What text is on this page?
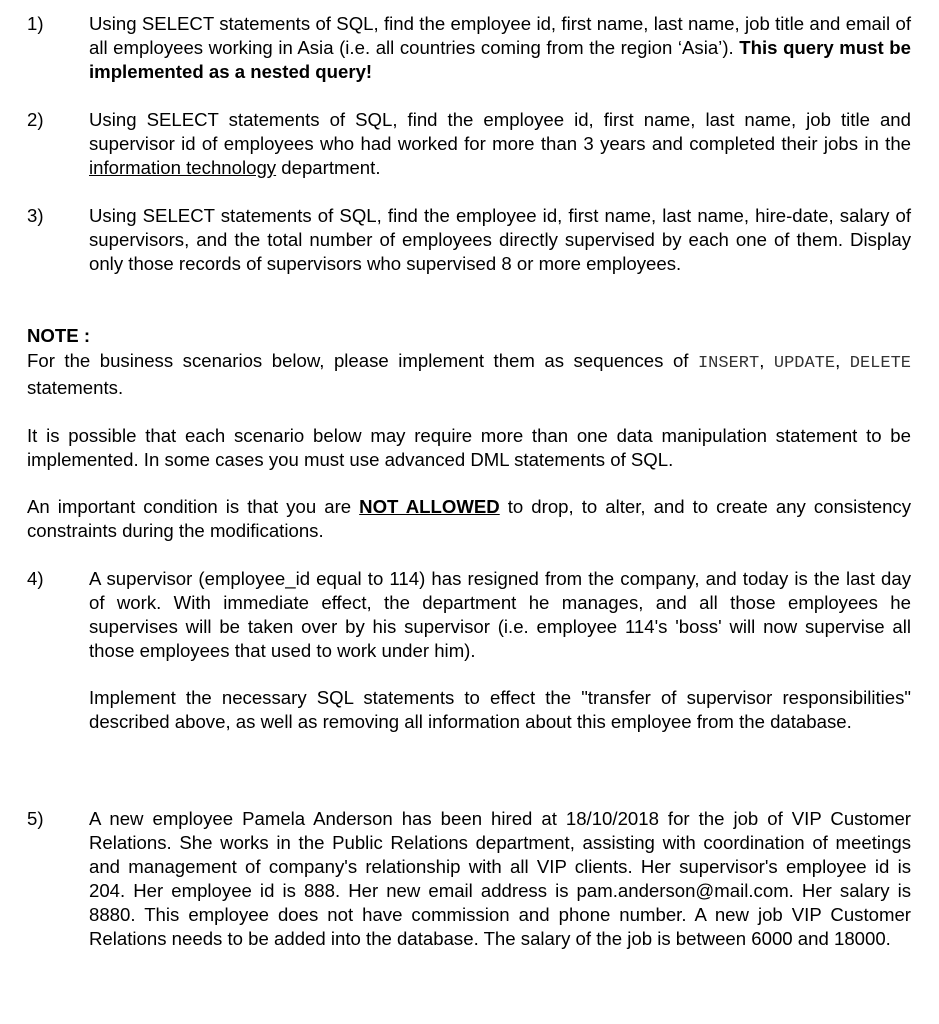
1) Using SELECT statements of SQL, find the employee id, first name, last name, job title and email of all employees working in Asia (i.e. all countries coming from the region ‘Asia’). This query must be implemented as a nested query!
2) Using SELECT statements of SQL, find the employee id, first name, last name, job title and supervisor id of employees who had worked for more than 3 years and completed their jobs in the information technology department.
3) Using SELECT statements of SQL, find the employee id, first name, last name, hire-date, salary of supervisors, and the total number of employees directly supervised by each one of them. Display only those records of supervisors who supervised 8 or more employees.
NOTE :
For the business scenarios below, please implement them as sequences of INSERT, UPDATE, DELETE statements.
It is possible that each scenario below may require more than one data manipulation statement to be implemented. In some cases you must use advanced DML statements of SQL.
An important condition is that you are NOT ALLOWED to drop, to alter, and to create any consistency constraints during the modifications.
4) A supervisor (employee_id equal to 114) has resigned from the company, and today is the last day of work. With immediate effect, the department he manages, and all those employees he supervises will be taken over by his supervisor (i.e. employee 114's 'boss' will now supervise all those employees that used to work under him).
Implement the necessary SQL statements to effect the "transfer of supervisor responsibilities" described above, as well as removing all information about this employee from the database.
5) A new employee Pamela Anderson has been hired at 18/10/2018 for the job of VIP Customer Relations. She works in the Public Relations department, assisting with coordination of meetings and management of company's relationship with all VIP clients. Her supervisor's employee id is 204. Her employee id is 888. Her new email address is pam.anderson@mail.com. Her salary is 8880. This employee does not have commission and phone number. A new job VIP Customer Relations needs to be added into the database. The salary of the job is between 6000 and 18000.
